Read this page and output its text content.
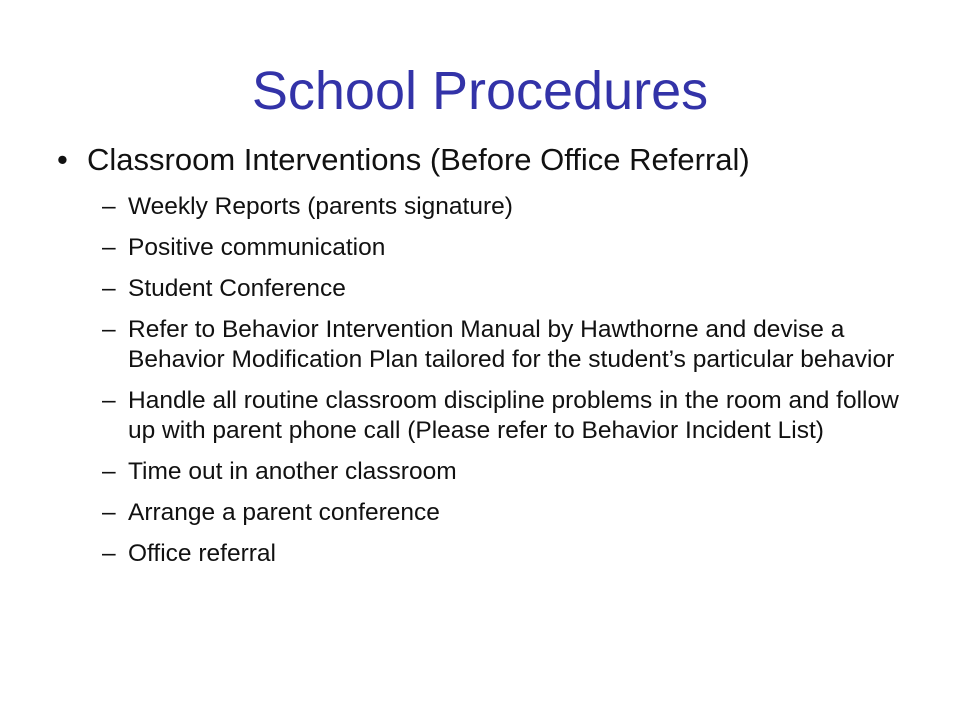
School Procedures
• Classroom Interventions (Before Office Referral)
– Weekly Reports (parents signature)
– Positive communication
– Student Conference
– Refer to Behavior Intervention Manual by Hawthorne and devise a Behavior Modification Plan tailored for the student’s particular behavior
– Handle all routine classroom discipline problems in the room and follow up with parent phone call (Please refer to Behavior Incident List)
– Time out in another classroom
– Arrange a parent conference
– Office referral
